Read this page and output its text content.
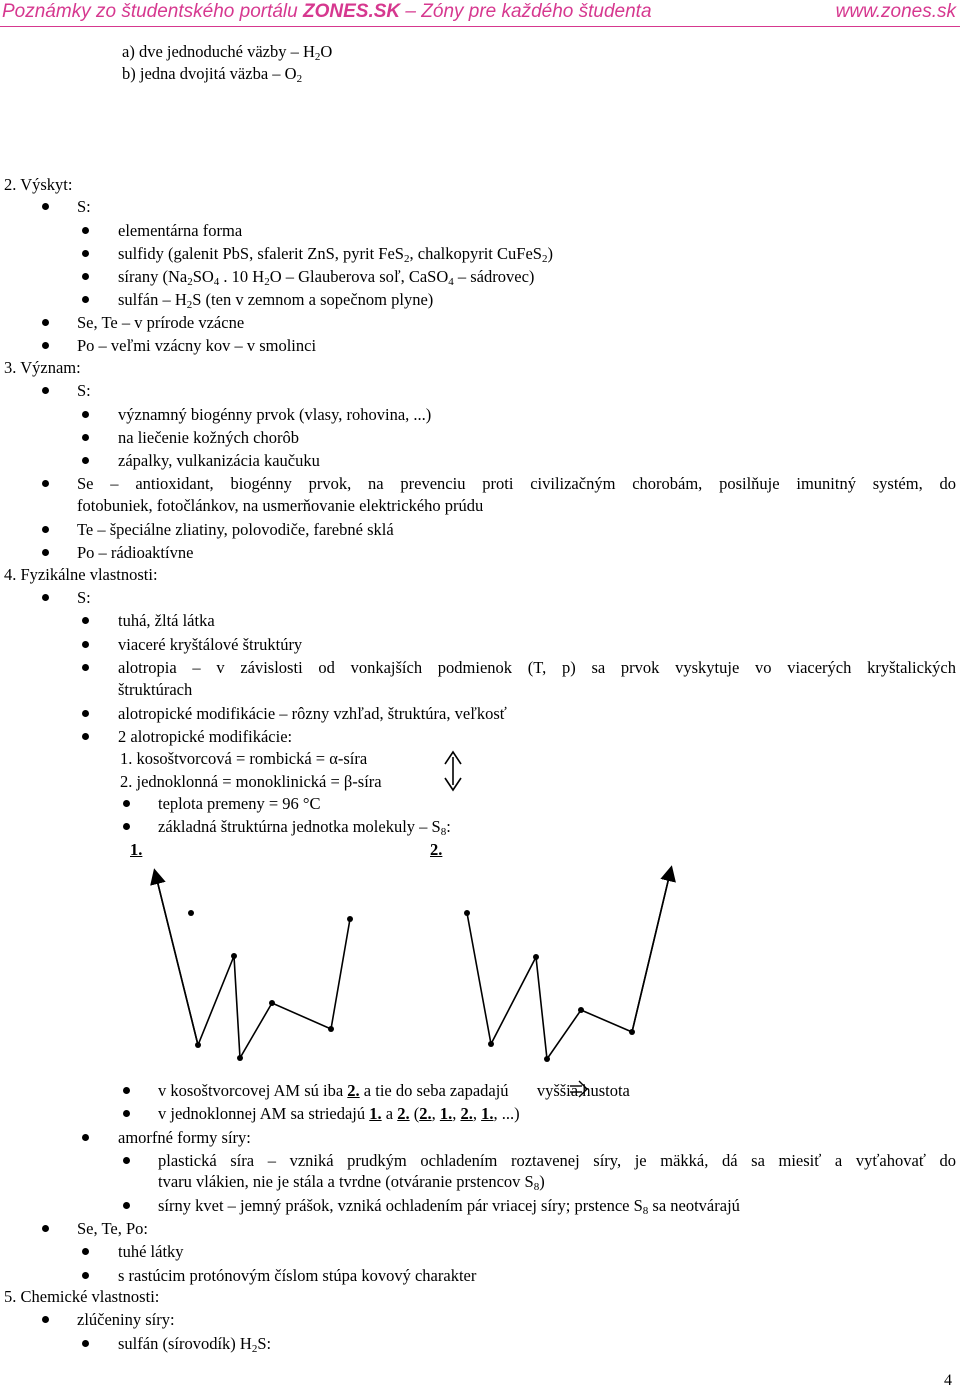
Poznámky zo študentského portálu ZONES.SK – Zóny pre každého študenta	www.zones.sk
a) dve jednoduché väzby – $H_2O$
b) jedna dvojitá väzba – $O_2$
2. Výskyt:
S:
elementárna forma
sulfidy (galenit PbS, sfalerit ZnS, pyrit FeS$_2$, chalkopyrit CuFeS$_2$)
sírany ($Na_2SO_4$ . 10 $H_2O$ – Glauberova soľ, CaSO$_4$ – sádrovec)
sulfán – $H_2S$ (ten v zemnom a sopečnom plyne)
Se, Te – v prírode vzácne
Po – veľmi vzácny kov – v smolinci
3. Význam:
S:
významný biogénny prvok (vlasy, rohovina, ...)
na liečenie kožných chorôb
zápalky, vulkanizácia kaučuku
Se – antioxidant, biogénny prvok, na prevenciu proti civilizačným chorobám, posilňuje imunitný systém, do
fotobuniek, fotočlánkov, na usmerňovanie elektrického prúdu
Te – špeciálne zliatiny, polovodiče, farebné sklá
Po – rádioaktívne
4. Fyzikálne vlastnosti:
S:
tuhá, žltá látka
viaceré kryštálové štruktúry
alotropia – v závislosti od vonkajších podmienok (T, p) sa prvok vyskytuje vo viacerých kryštalických
štruktúrach
alotropické modifikácie – rôzny vzhľad, štruktúra, veľkosť
2 alotropické modifikácie:
1. kosoštvorcová = rombická = α-síra
2. jednoklonná = monoklinická = β-síra
teplota premeny = 96 °C
základná štruktúrna jednotka molekuly – $S_8$:
1.	2.
v kosoštvorcovej AM sú iba 2. a tie do seba zapadajú  vyššia hustota
v jednoklonnej AM sa striedajú 1. a 2. (2., 1., 2., 1., ...)
amorfné formy síry:
plastická síra – vzniká prudkým ochladením roztavenej síry, je mäkká, dá sa miesiť a vyťahovať do
tvaru vlákien, nie je stála a tvrdne (otváranie prstencov $S_8$)
sírny kvet – jemný prášok, vzniká ochladením pár vriacej síry; prstence $S_8$ sa neotvárajú
Se, Te, Po:
tuhé látky
s rastúcim protónovým číslom stúpa kovový charakter
5. Chemické vlastnosti:
zlúčeniny síry:
sulfán (sírovodík) $H_2S$:
4
